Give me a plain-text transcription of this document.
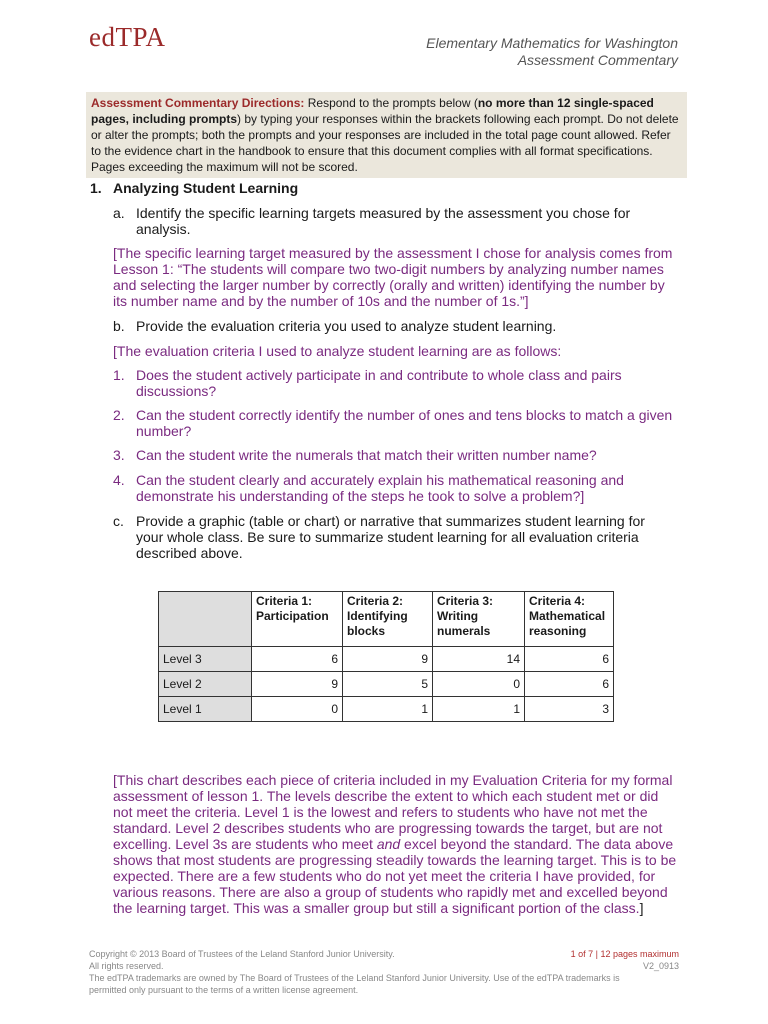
edTPA	Elementary Mathematics for Washington
Assessment Commentary
Assessment Commentary Directions: Respond to the prompts below (no more than 12 single-spaced pages, including prompts) by typing your responses within the brackets following each prompt. Do not delete or alter the prompts; both the prompts and your responses are included in the total page count allowed. Refer to the evidence chart in the handbook to ensure that this document complies with all format specifications. Pages exceeding the maximum will not be scored.
1. Analyzing Student Learning
a. Identify the specific learning targets measured by the assessment you chose for analysis.
[The specific learning target measured by the assessment I chose for analysis comes from Lesson 1: “The students will compare two two-digit numbers by analyzing number names and selecting the larger number by correctly (orally and written) identifying the number by its number name and by the number of 10s and the number of 1s.”]
b. Provide the evaluation criteria you used to analyze student learning.
[The evaluation criteria I used to analyze student learning are as follows:
1. Does the student actively participate in and contribute to whole class and pairs discussions?
2. Can the student correctly identify the number of ones and tens blocks to match a given number?
3. Can the student write the numerals that match their written number name?
4. Can the student clearly and accurately explain his mathematical reasoning and demonstrate his understanding of the steps he took to solve a problem?]
c. Provide a graphic (table or chart) or narrative that summarizes student learning for your whole class. Be sure to summarize student learning for all evaluation criteria described above.
	Criteria 1: Participation	Criteria 2: Identifying blocks	Criteria 3: Writing numerals	Criteria 4: Mathematical reasoning
Level 3	6	9	14	6
Level 2	9	5	0	6
Level 1	0	1	1	3
[This chart describes each piece of criteria included in my Evaluation Criteria for my formal assessment of lesson 1. The levels describe the extent to which each student met or did not meet the criteria. Level 1 is the lowest and refers to students who have not met the standard. Level 2 describes students who are progressing towards the target, but are not excelling. Level 3s are students who meet and excel beyond the standard. The data above shows that most students are progressing steadily towards the learning target. This is to be expected. There are a few students who do not yet meet the criteria I have provided, for various reasons. There are also a group of students who rapidly met and excelled beyond the learning target. This was a smaller group but still a significant portion of the class.]
Copyright © 2013 Board of Trustees of the Leland Stanford Junior University.
All rights reserved.
The edTPA trademarks are owned by The Board of Trustees of the Leland Stanford Junior University. Use of the edTPA trademarks is permitted only pursuant to the terms of a written license agreement.
1 of 7 | 12 pages maximum
V2_0913
